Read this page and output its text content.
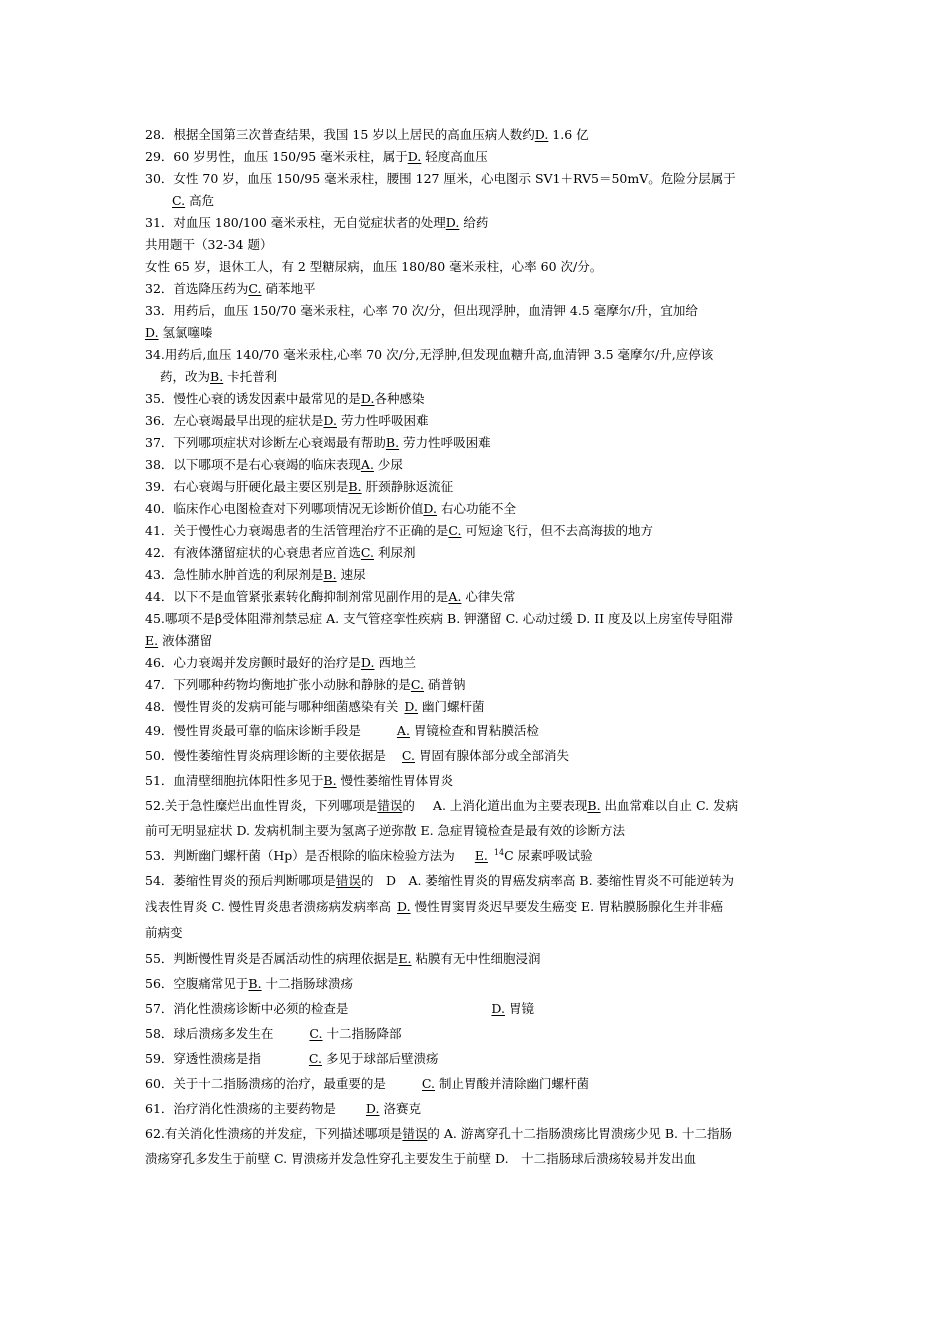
28．根据全国第三次普查结果，我国 15 岁以上居民的高血压病人数约D. 1.6 亿
29．60 岁男性，血压 150/95 毫米汞柱，属于D. 轻度高血压
30．女性 70 岁，血压 150/95 毫米汞柱，腰围 127 厘米，心电图示 SV1＋RV5＝50mV。危险分层属于
C. 高危
31．对血压 180/100 毫米汞柱，无自觉症状者的处理D. 给药
共用题干（32-34 题）
女性 65 岁，退休工人，有 2 型糖尿病，血压 180/80 毫米汞柱，心率 60 次/分。
32．首选降压药为C. 硝苯地平
33．用药后，血压 150/70 毫米汞柱，心率 70 次/分，但出现浮肿，血清钾 4.5 毫摩尔/升，宜加给
D. 氢氯噻嗪
34.用药后,血压 140/70 毫米汞柱,心率 70 次/分,无浮肿,但发现血糖升高,血清钾 3.5 毫摩尔/升,应停该
药，改为B. 卡托普利
35．慢性心衰的诱发因素中最常见的是D.各种感染
36．左心衰竭最早出现的症状是D. 劳力性呼吸困难
37．下列哪项症状对诊断左心衰竭最有帮助B. 劳力性呼吸困难
38．以下哪项不是右心衰竭的临床表现A. 少尿
39．右心衰竭与肝硬化最主要区别是B. 肝颈静脉返流征
40．临床作心电图检查对下列哪项情况无诊断价值D. 右心功能不全
41．关于慢性心力衰竭患者的生活管理治疗不正确的是C. 可短途飞行，但不去高海拔的地方
42．有液体潴留症状的心衰患者应首选C. 利尿剂
43．急性肺水肿首选的利尿剂是B. 速尿
44．以下不是血管紧张素转化酶抑制剂常见副作用的是A. 心律失常
45.哪项不是β受体阻滞剂禁忌症 A. 支气管痉挛性疾病 B. 钾潴留 C. 心动过缓 D. II 度及以上房室传导阻滞
E. 液体潴留
46．心力衰竭并发房颤时最好的治疗是D. 西地兰
47．下列哪种药物均衡地扩张小动脉和静脉的是C. 硝普钠
48．慢性胃炎的发病可能与哪种细菌感染有关 D. 幽门螺杆菌
49．慢性胃炎最可靠的临床诊断手段是	A. 胃镜检查和胃粘膜活检
50．慢性萎缩性胃炎病理诊断的主要依据是 C. 胃固有腺体部分或全部消失
51．血清壁细胞抗体阳性多见于B. 慢性萎缩性胃体胃炎
52.关于急性糜烂出血性胃炎，下列哪项是错误的 A. 上消化道出血为主要表现B. 出血常难以自止 C. 发病
前可无明显症状 D. 发病机制主要为氢离子逆弥散 E. 急症胃镜检查是最有效的诊断方法
53．判断幽门螺杆菌（Hp）是否根除的临床检验方法为 E. $^{14}$C 尿素呼吸试验
54．萎缩性胃炎的预后判断哪项是错误的　D　A. 萎缩性胃炎的胃癌发病率高 B. 萎缩性胃炎不可能逆转为
浅表性胃炎 C. 慢性胃炎患者溃疡病发病率高 D. 慢性胃窦胃炎迟早要发生癌变 E. 胃粘膜肠腺化生并非癌
前病变
55．判断慢性胃炎是否属活动性的病理依据是E. 粘膜有无中性细胞浸润
56．空腹痛常见于B. 十二指肠球溃疡
57．消化性溃疡诊断中必须的检查是	D. 胃镜
58．球后溃疡多发生在	C. 十二指肠降部
59．穿透性溃疡是指	C. 多见于球部后壁溃疡
60．关于十二指肠溃疡的治疗，最重要的是	C. 制止胃酸并清除幽门螺杆菌
61．治疗消化性溃疡的主要药物是 D. 洛赛克
62.有关消化性溃疡的并发症，下列描述哪项是错误的 A. 游离穿孔十二指肠溃疡比胃溃疡少见 B. 十二指肠
溃疡穿孔多发生于前壁 C. 胃溃疡并发急性穿孔主要发生于前壁 D.　十二指肠球后溃疡较易并发出血
